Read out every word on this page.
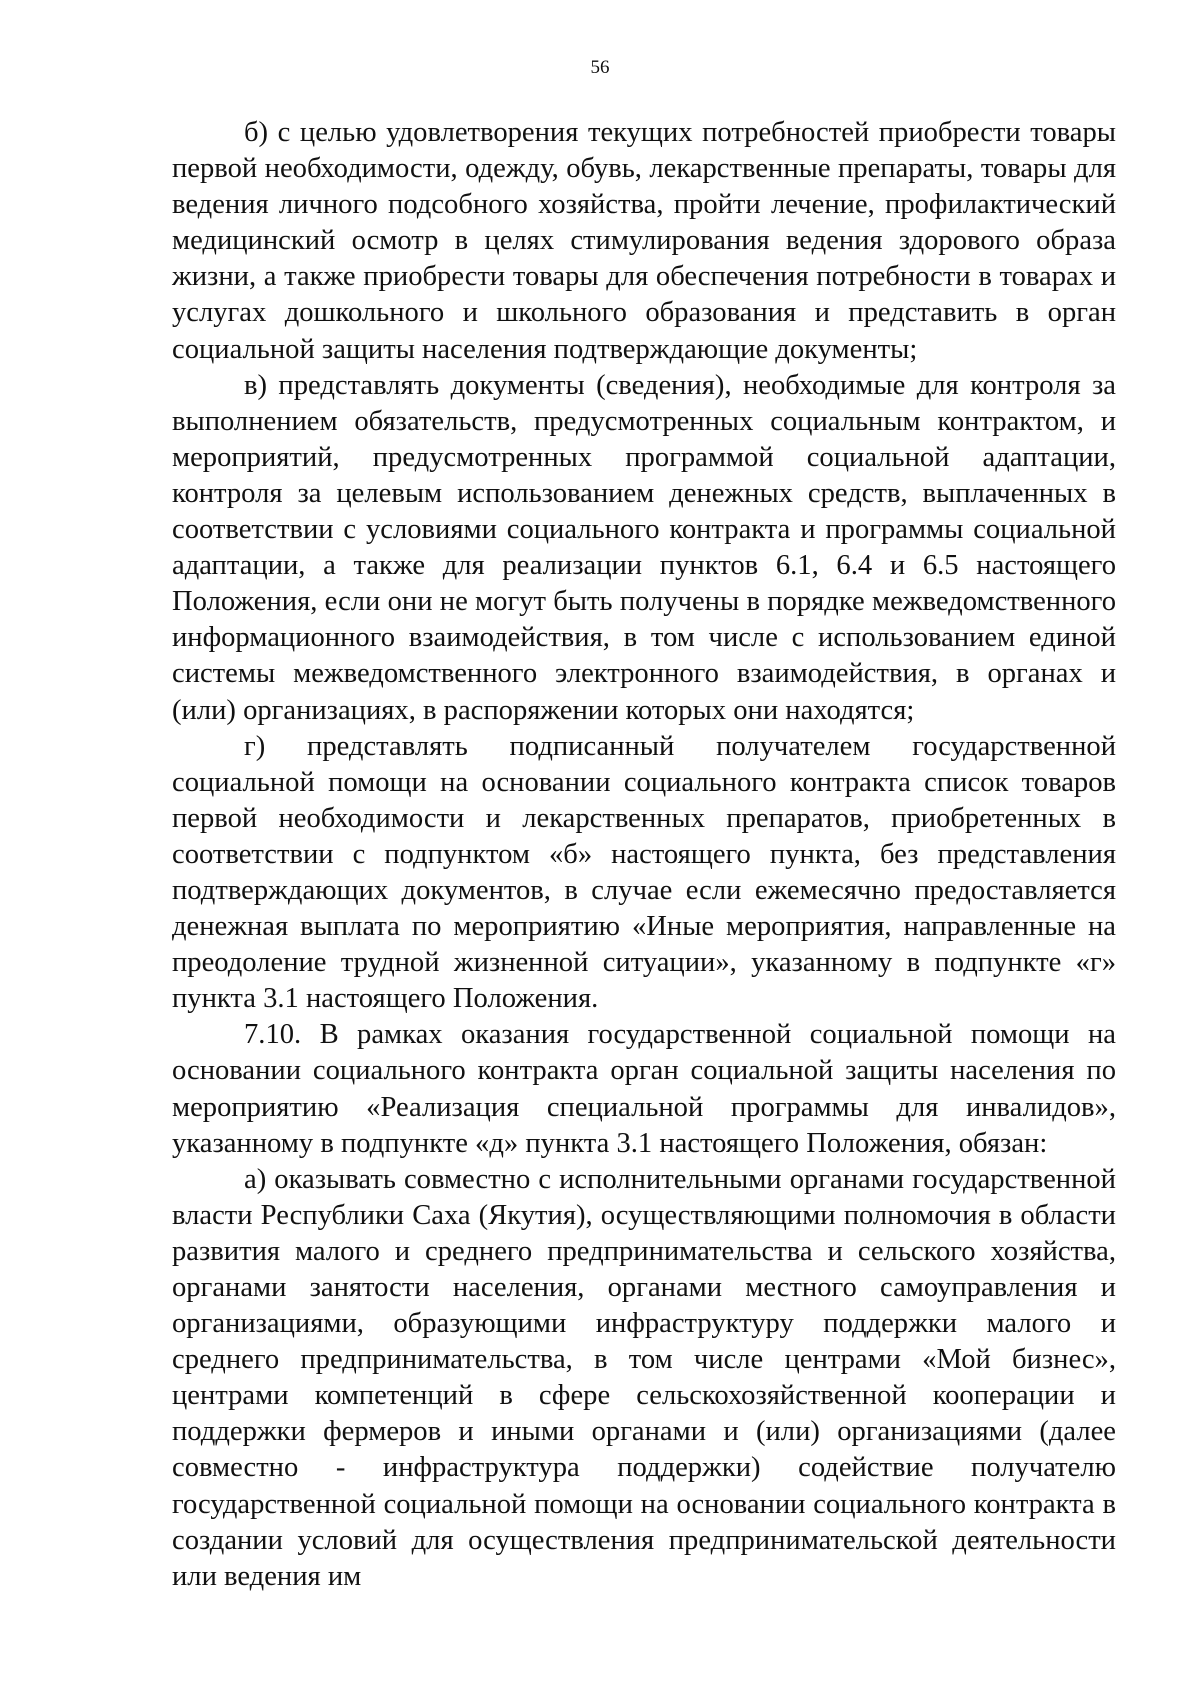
56

б) с целью удовлетворения текущих потребностей приобрести товары первой необходимости, одежду, обувь, лекарственные препараты, товары для ведения личного подсобного хозяйства, пройти лечение, профилактический медицинский осмотр в целях стимулирования ведения здорового образа жизни, а также приобрести товары для обеспечения потребности в товарах и услугах дошкольного и школьного образования и представить в орган социальной защиты населения подтверждающие документы;

в) представлять документы (сведения), необходимые для контроля за выполнением обязательств, предусмотренных социальным контрактом, и мероприятий, предусмотренных программой социальной адаптации, контроля за целевым использованием денежных средств, выплаченных в соответствии с условиями социального контракта и программы социальной адаптации, а также для реализации пунктов 6.1, 6.4 и 6.5 настоящего Положения, если они не могут быть получены в порядке межведомственного информационного взаимодействия, в том числе с использованием единой системы межведомственного электронного взаимодействия, в органах и (или) организациях, в распоряжении которых они находятся;

г) представлять подписанный получателем государственной социальной помощи на основании социального контракта список товаров первой необходимости и лекарственных препаратов, приобретенных в соответствии с подпунктом «б» настоящего пункта, без представления подтверждающих документов, в случае если ежемесячно предоставляется денежная выплата по мероприятию «Иные мероприятия, направленные на преодоление трудной жизненной ситуации», указанному в подпункте «г» пункта 3.1 настоящего Положения.

7.10. В рамках оказания государственной социальной помощи на основании социального контракта орган социальной защиты населения по мероприятию «Реализация специальной программы для инвалидов», указанному в подпункте «д» пункта 3.1 настоящего Положения, обязан:

а) оказывать совместно с исполнительными органами государственной власти Республики Саха (Якутия), осуществляющими полномочия в области развития малого и среднего предпринимательства и сельского хозяйства, органами занятости населения, органами местного самоуправления и организациями, образующими инфраструктуру поддержки малого и среднего предпринимательства, в том числе центрами «Мой бизнес», центрами компетенций в сфере сельскохозяйственной кооперации и поддержки фермеров и иными органами и (или) организациями (далее совместно - инфраструктура поддержки) содействие получателю государственной социальной помощи на основании социального контракта в создании условий для осуществления предпринимательской деятельности или ведения им
